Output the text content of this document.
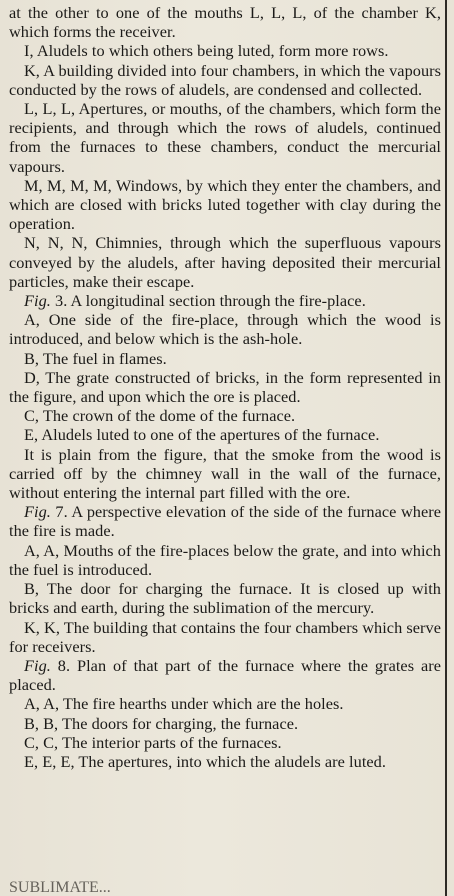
at the other to one of the mouths L, L, L, of the chamber K, which forms the receiver.

I, Aludels to which others being luted, form more rows.

K, A building divided into four chambers, in which the vapours conducted by the rows of aludels, are condensed and collected.

L, L, L, Apertures, or mouths, of the chambers, which form the recipients, and through which the rows of aludels, continued from the furnaces to these chambers, conduct the mercurial vapours.

M, M, M, M, Windows, by which they enter the chambers, and which are closed with bricks luted together with clay during the operation.

N, N, N, Chimnies, through which the superfluous vapours conveyed by the aludels, after having deposited their mercurial particles, make their escape.

Fig. 3. A longitudinal section through the fire-place.

A, One side of the fire-place, through which the wood is introduced, and below which is the ash-hole.

B, The fuel in flames.

D, The grate constructed of bricks, in the form represented in the figure, and upon which the ore is placed.

C, The crown of the dome of the furnace.

E, Aludels luted to one of the apertures of the furnace.

It is plain from the figure, that the smoke from the wood is carried off by the chimney wall in the wall of the furnace, without entering the internal part filled with the ore.

Fig. 7. A perspective elevation of the side of the furnace where the fire is made.

A, A, Mouths of the fire-places below the grate, and into which the fuel is introduced.

B, The door for charging the furnace. It is closed up with bricks and earth, during the sublimation of the mercury.

K, K, The building that contains the four chambers which serve for receivers.

Fig. 8. Plan of that part of the furnace where the grates are placed.

A, A, The fire hearths under which are the holes.

B, B, The doors for charging, the furnace.

C, C, The interior parts of the furnaces.

E, E, E, The apertures, into which the aludels are luted.

SUBLIMATE...
